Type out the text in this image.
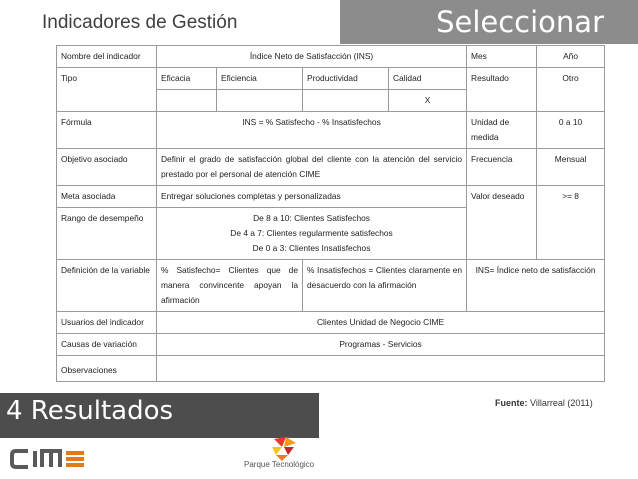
Indicadores de Gestión	Seleccionar
Nombre del indicador	Índice Neto de Satisfacción (INS)				Mes	Año
Tipo	Eficacia	Eficiencia	Productividad	Calidad	Resultado	Otro
				X		
Fórmula	INS = % Satisfecho - % Insatisfechos				Unidad de medida	0 a 10
Objetivo asociado	Definir el grado de satisfacción global del cliente con la atención del servicio prestado por el personal de atención CIME				Frecuencia	Mensual
Meta asociada	Entregar soluciones completas y personalizadas				Valor deseado	>= 8
Rango de desempeño	De 8 a 10: Clientes Satisfechos
De 4 a 7: Clientes regularmente satisfechos
De 0 a 3: Clientes Insatisfechos					

Definición de la variable	% Satisfecho= Clientes que de manera convincente apoyan la afirmación		% Insatisfechos = Clientes claramente en desacuerdo con la afirmación		INS= Índice neto de satisfacción	
Usuarios del indicador	Clientes Unidad de Negocio CIME					
Causas de variación	Programas - Servicios					
Observaciones						
4 Resultados	Fuente: Villarreal (2011)
Parque Tecnológico
